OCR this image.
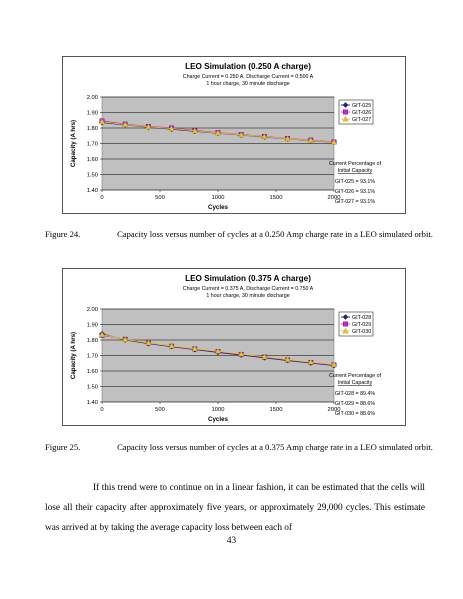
LEO Simulation (0.250 A charge)
Charge Current = 0.250 A, Discharge Current = 0.500 A
1 hour charge, 30 minute discharge
1.40
1.50
1.60
1.70
1.80
1.90
2.00
0	500	1000	1500	2000
Cycles
Capacity (A hrs)
GIT-025
GIT-026
GIT-027
Current Percentage of
Initial Capacity
GIT-025 = 93.1%
GIT-026 = 93.1%
GIT-027 = 93.1%
Figure 24.	Capacity loss versus number of cycles at a 0.250 Amp charge rate in a LEO simulated orbit.
LEO Simulation (0.375 A charge)
Charge Current = 0.375 A, Discharge Current = 0.750 A
1 hour charge, 30 minute discharge
1.40
1.50
1.60
1.70
1.80
1.90
2.00
0	500	1000	1500	2000
Cycles
Capacity (A hrs)
GIT-028
GIT-029
GIT-030
Current Percentage of
Initial Capacity
GIT-028 = 89.4%
GIT-029 = 88.6%
GIT-030 = 88.6%
Figure 25.	Capacity loss versus number of cycles at a 0.375 Amp charge rate in a LEO simulated orbit.
If this trend were to continue on in a linear fashion, it can be estimated that the cells will lose all their capacity after approximately five years, or approximately 29,000 cycles. This estimate was arrived at by taking the average capacity loss between each of
43
